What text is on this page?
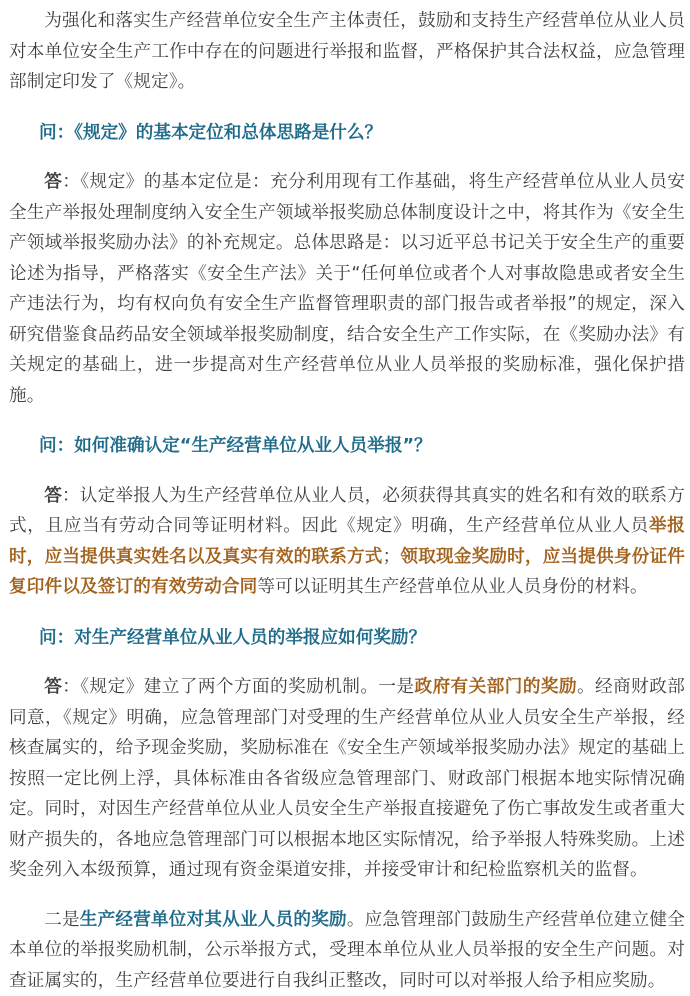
为强化和落实生产经营单位安全生产主体责任，鼓励和支持生产经营单位从业人员对本单位安全生产工作中存在的问题进行举报和监督，严格保护其合法权益，应急管理部制定印发了《规定》。

问：《规定》的基本定位和总体思路是什么？

答：《规定》的基本定位是：充分利用现有工作基础，将生产经营单位从业人员安全生产举报处理制度纳入安全生产领域举报奖励总体制度设计之中，将其作为《安全生产领域举报奖励办法》的补充规定。总体思路是：以习近平总书记关于安全生产的重要论述为指导，严格落实《安全生产法》关于“任何单位或者个人对事故隐患或者安全生产违法行为，均有权向负有安全生产监督管理职责的部门报告或者举报”的规定，深入研究借鉴食品药品安全领域举报奖励制度，结合安全生产工作实际，在《奖励办法》有关规定的基础上，进一步提高对生产经营单位从业人员举报的奖励标准，强化保护措施。

问：如何准确认定“生产经营单位从业人员举报”？

答：认定举报人为生产经营单位从业人员，必须获得其真实的姓名和有效的联系方式，且应当有劳动合同等证明材料。因此《规定》明确，生产经营单位从业人员举报时，应当提供真实姓名以及真实有效的联系方式；领取现金奖励时，应当提供身份证件复印件以及签订的有效劳动合同等可以证明其生产经营单位从业人员身份的材料。

问：对生产经营单位从业人员的举报应如何奖励？

答：《规定》建立了两个方面的奖励机制。一是政府有关部门的奖励。经商财政部同意，《规定》明确，应急管理部门对受理的生产经营单位从业人员安全生产举报，经核查属实的，给予现金奖励，奖励标准在《安全生产领域举报奖励办法》规定的基础上按照一定比例上浮，具体标准由各省级应急管理部门、财政部门根据本地实际情况确定。同时，对因生产经营单位从业人员安全生产举报直接避免了伤亡事故发生或者重大财产损失的，各地应急管理部门可以根据本地区实际情况，给予举报人特殊奖励。上述奖金列入本级预算，通过现有资金渠道安排，并接受审计和纪检监察机关的监督。

二是生产经营单位对其从业人员的奖励。应急管理部门鼓励生产经营单位建立健全本单位的举报奖励机制，公示举报方式，受理本单位从业人员举报的安全生产问题。对查证属实的，生产经营单位要进行自我纠正整改，同时可以对举报人给予相应奖励。
